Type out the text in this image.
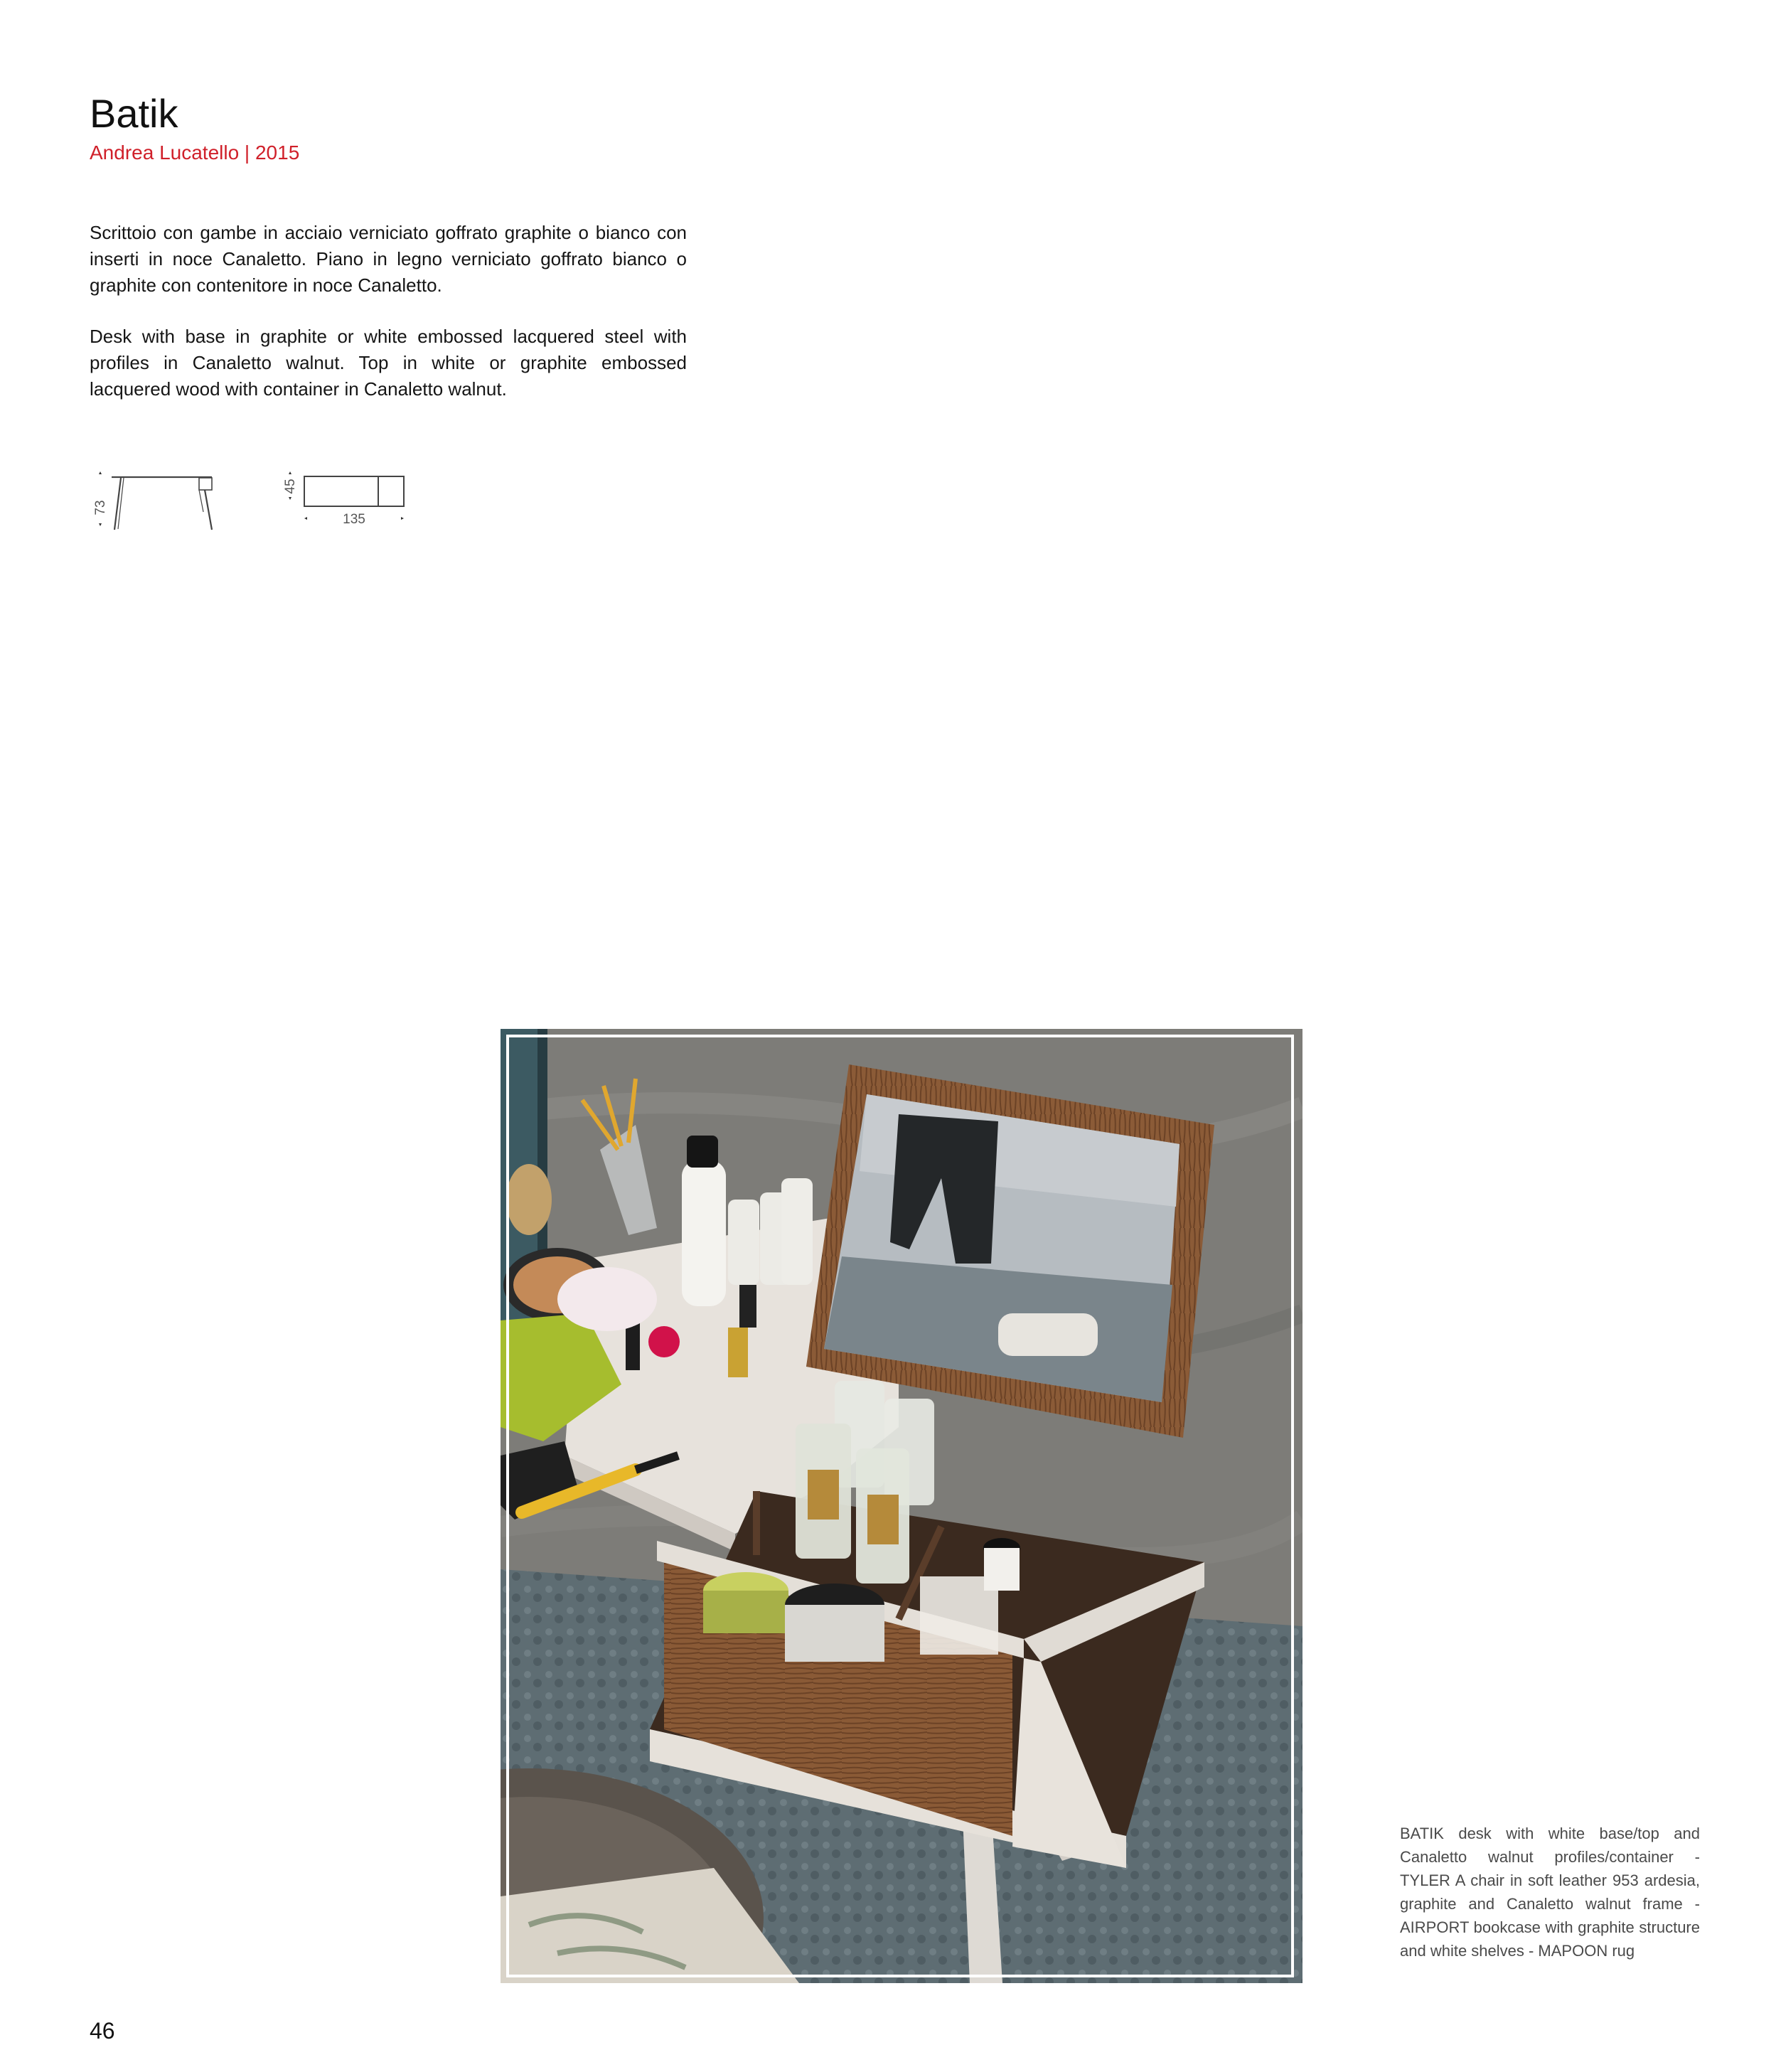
Batik
Andrea Lucatello | 2015

Scrittoio con gambe in acciaio verniciato goffrato graphite o bianco con inserti in noce Canaletto. Piano in legno verniciato goffrato bianco o graphite con contenitore in noce Canaletto.

Desk with base in graphite or white embossed lacquered steel with profiles in Canaletto walnut. Top in white or graphite embossed lacquered wood with container in Canaletto walnut.

73
45
135

BATIK desk with white base/top and Canaletto walnut profiles/container - TYLER A chair in soft leather 953 ardesia, graphite and Canaletto walnut frame - AIRPORT bookcase with graphite structure and white shelves - MAPOON rug

46
